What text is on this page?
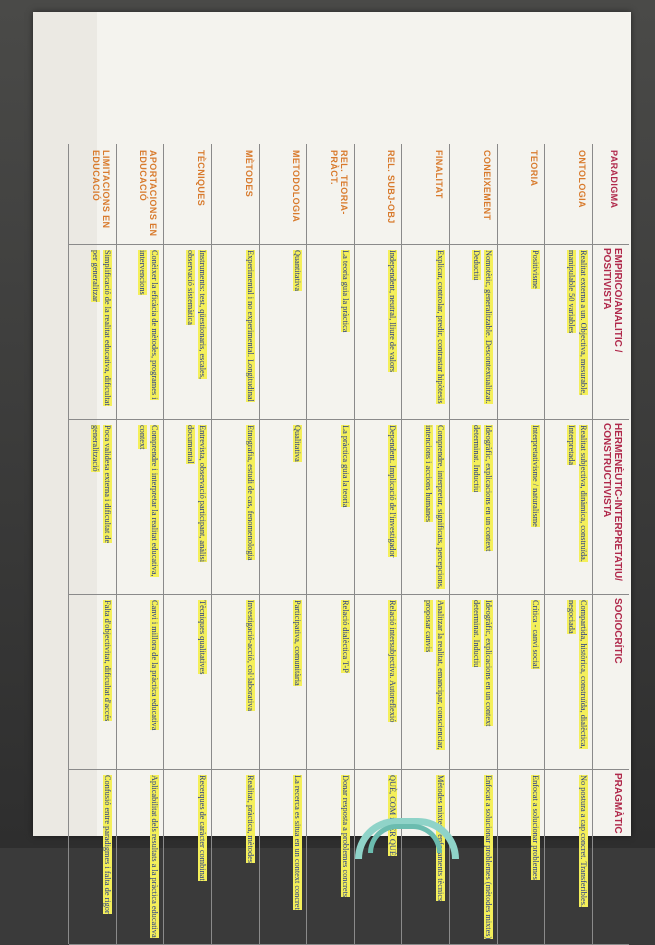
PARADIGMA
EMPIRICO/ANALITIC / POSITIVISTA
HERMENÈUTIC-INTERPRETATIU/ CONSTRUCTIVISTA
SOCIOCRÍTIC
PRAGMÀTIC
ONTOLOGIA
Realitat externa a un. Objectiva, mesurable, manipulable 50 variables
Realitat subjectiva, dinàmica, construïda. Interpretada
Compartida, històrica, construïda, dialèctica, negociada
No postura a cap concret. Transferibles.
TEORIA
Positivisme
Interpretativisme / naturalisme
Crítica - canvi social
Enfocat a solucionar problemes
CONEIXEMENT
Nomotètic, generalitzable. Descontextualitzat. Deductiu
Ideogràfic, explicacions en un context determinat. Inductiu
Ideogràfic, explicacions en un context determinat. Inductiu
Enfocat a solucionar problemes (mètodes mixtes)
FINALITAT
Explicar, controlar, predir, contrastar hipòtesis
Comprendre, interpretar, significats, percepcions, intencions i accions humanes
Analitzar la realitat, emancipar, conscienciar, proposar canvis
Mètodes mixtes i enfocaments tècnics
REL. SUBJ-OBJ
Independent, neutral, lliure de valors
Dependent. Implicació de l'investigador
Relació intersubjectiva. Autoreflexió
QUÈ, COM i PER QUÈ
REL. TEORIA-PRÀCT.
La teoria guia la pràctica
La pràctica guia la teoria
Relació dialèctica T-P
Donar resposta a problemes concrets
METODOLOGIA
Quantitativa
Qualitativa
Participativa, comunitària
La recerca es situa en un context concret
MÈTODES
Experimental i no experimental. Longitudinal
Etnografia, estudi de cas, fenomenologia
Investigació-acció, col·laborativa
Realitat, pràctica, mètodes
TÈCNIQUES
Instruments: test, qüestionaris, escales, observació sistemàtica
Entrevista, observació participant, anàlisi documental
Tècniques qualitatives
Recerques de caràcter combinat
APORTACIONS EN EDUCACIÓ
Conèixer la eficàcia de mètodes, programes i intervencions
Comprendre i interpretar la realitat educativa, context
Canvi i millora de la pràctica educativa
Aplicabilitat dels resultats a la pràctica educativa
LIMITACIONS EN EDUCACIÓ
Simplificació de la realitat educativa, dificultat per generalitzar
Poca validesa externa i dificultat de generalització
Falta d'objectivitat, dificultat d'accés
Confusió entre paradigmes i falta de rigor
